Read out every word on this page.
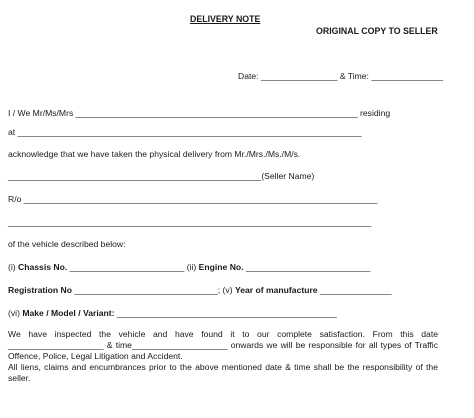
DELIVERY NOTE
ORIGINAL COPY TO SELLER
Date: ________________ & Time: _______________
I / We Mr/Ms/Mrs ___________________________________________________________ residing
at ________________________________________________________________________
acknowledge that we have taken the physical delivery from Mr./Mrs./Ms./M/s.
_____________________________________________________(Seller Name)
R/o __________________________________________________________________________
____________________________________________________________________________
of the vehicle described below:
(i) Chassis No. ________________________ (ii) Engine No. __________________________
Registration No ______________________________; (v) Year of manufacture _______________
(vi) Make / Model / Variant: ______________________________________________
We have inspected the vehicle and have found it to our complete satisfaction. From this date ____________________ & time____________________ onwards we will be responsible for all types of Traffic Offence, Police, Legal Litigation and Accident.
All liens, claims and encumbrances prior to the above mentioned date & time shall be the responsibility of the seller.
